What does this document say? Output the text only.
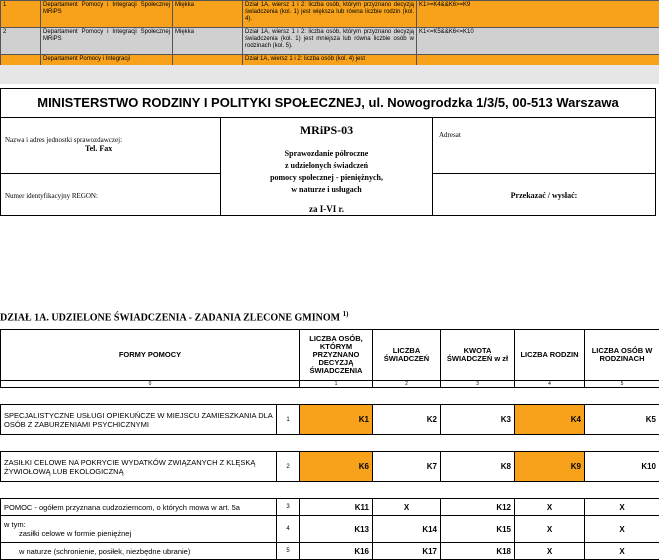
1	Departament Pomocy i Integracji Społecznej MRiPS	Miękka	Dział 1A, wiersz 1 i 2: liczba osób, którym przyznano decyzją świadczenia (kol. 1) jest większa lub równa liczbie rodzin (kol. 4).	K1>=K4&&K6>=K9
2	Departament Pomocy i Integracji Społecznej MRiPS	Miękka	Dział 1A, wiersz 1 i 2: liczba osób, którym przyznano decyzją świadczenia (kol. 1) jest mniejsza lub równa liczbie osób w rodzinach (kol. 5).	K1<=K5&&K6<=K10
	Departament Pomocy i Integracji		Dział 1A, wiersz 1 i 2: liczba osób (kol. 4) jest	
MINISTERSTWO RODZINY I POLITYKI SPOŁECZNEJ, ul. Nowogrodzka 1/3/5, 00-513 Warszawa
Nazwa i adres jednostki sprawozdawczej:
Tel. Fax
Numer identyfikacyjny REGON:
MRiPS-03
Sprawozdanie półroczne
z udzielonych świadczeń
pomocy społecznej - pieniężnych,
w naturze i usługach
za I-VI r.
Adresat
Przekazać / wysłać:
DZIAŁ 1A. UDZIELONE ŚWIADCZENIA - ZADANIA ZLECONE GMINOM $^{1)}$
FORMY POMOCY		LICZBA OSÓB, KTÓRYM PRZYZNANO DECYZJĄ ŚWIADCZENIA	LICZBA ŚWIADCZEŃ	KWOTA ŚWIADCZEŃ w zł	LICZBA RODZIN	LICZBA OSÓB W RODZINACH
0		1	2	3	4	5

SPECJALISTYCZNE USŁUGI OPIEKUŃCZE W MIEJSCU ZAMIESZKANIA DLA OSÓB Z ZABURZENIAMI PSYCHICZNYMI	1	K1	K2	K3	K4	K5

ZASIŁKI CELOWE NA POKRYCIE WYDATKÓW ZWIĄZANYCH Z KLĘSKĄ ŻYWIOŁOWĄ LUB EKOLOGICZNĄ	2	K6	K7	K8	K9	K10

POMOC - ogółem przyznana cudzoziemcom, o których mowa w art. 5a	3	K11	X	K12	X	X

w tym:
zasiłki celowe w formie pieniężnej	4	K13	K14	K15	X	X
w naturze (schronienie, posiłek, niezbędne ubranie)	5	K16	K17	K18	X	X
